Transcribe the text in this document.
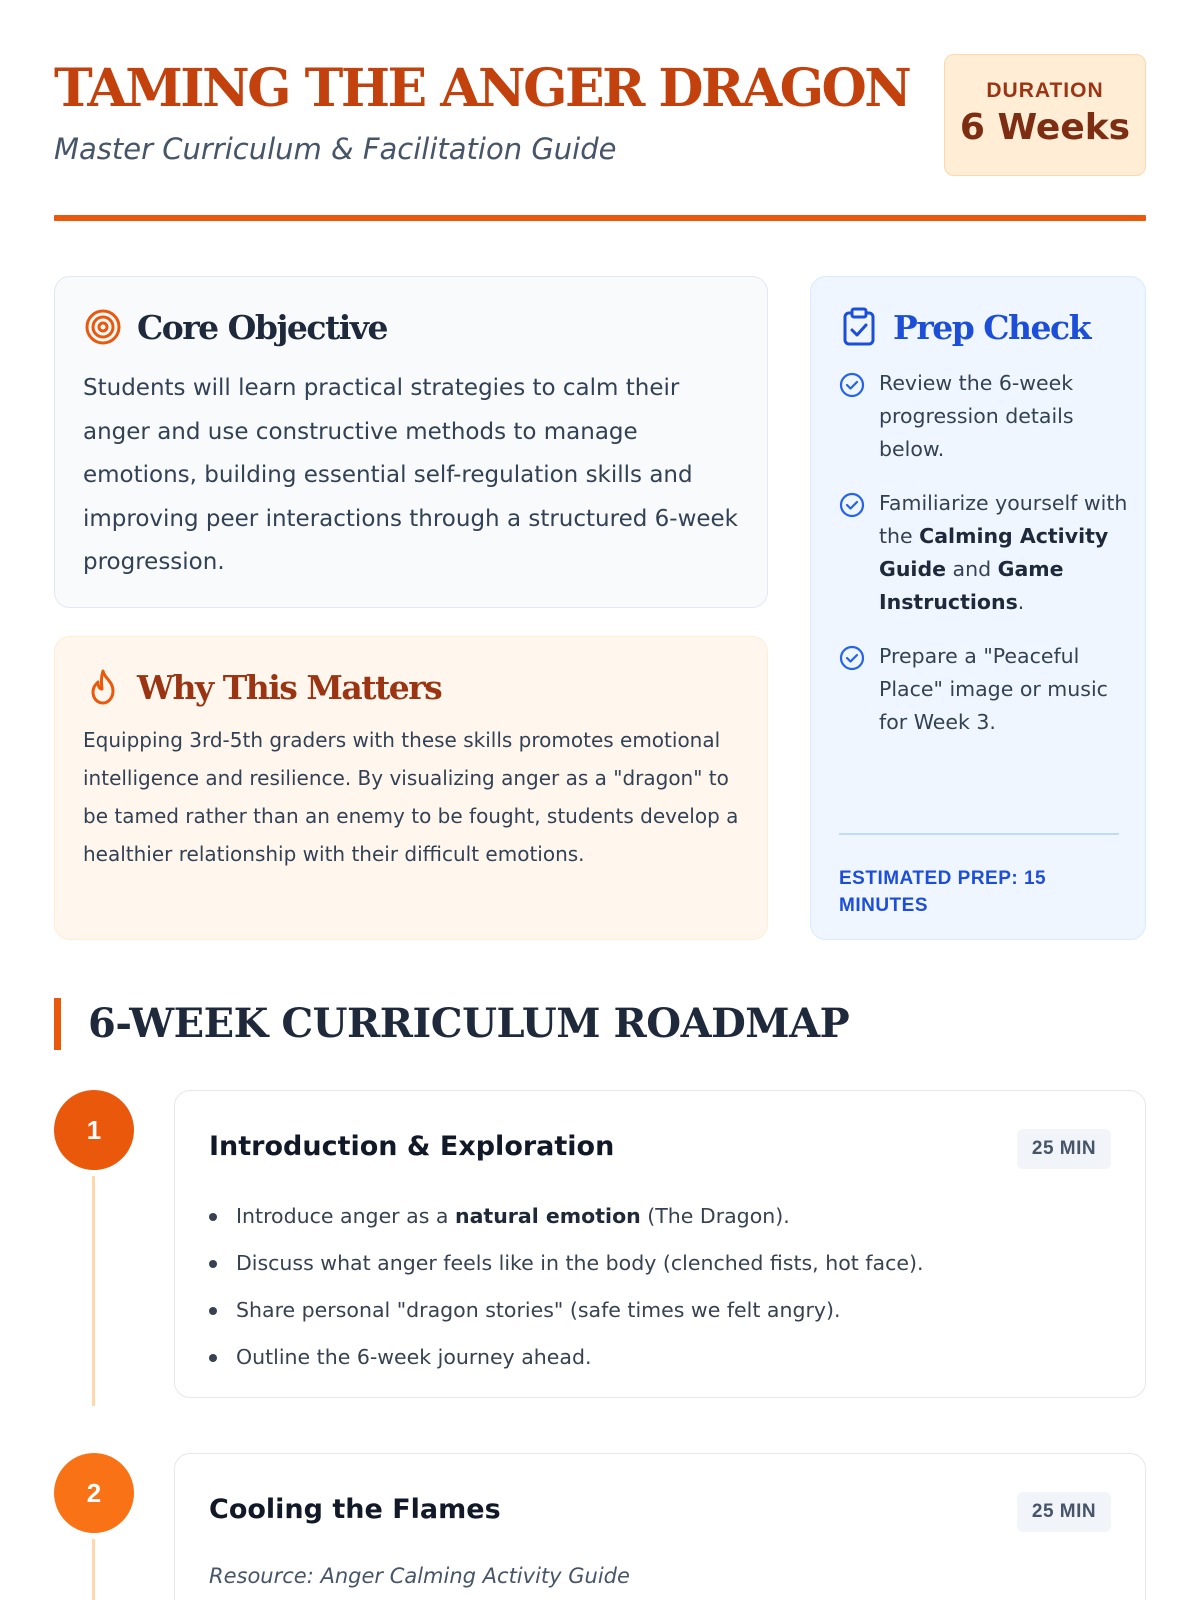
TAMING THE ANGER DRAGON
Master Curriculum & Facilitation Guide
DURATION
6 Weeks
Core Objective

Students will learn practical strategies to calm their anger and use constructive methods to manage emotions, building essential self-regulation skills and improving peer interactions through a structured 6-week progression.

Why This Matters

Equipping 3rd-5th graders with these skills promotes emotional intelligence and resilience. By visualizing anger as a "dragon" to be tamed rather than an enemy to be fought, students develop a healthier relationship with their difficult emotions.

Prep Check
Review the 6-week progression details below.
Familiarize yourself with the Calming Activity Guide and Game Instructions.
Prepare a "Peaceful Place" image or music for Week 3.
ESTIMATED PREP: 15 MINUTES
6-WEEK CURRICULUM ROADMAP
1
Introduction & Exploration	25 MIN
Introduce anger as a natural emotion (The Dragon).
Discuss what anger feels like in the body (clenched fists, hot face).
Share personal "dragon stories" (safe times we felt angry).
Outline the 6-week journey ahead.
2
Cooling the Flames	25 MIN
Resource: Anger Calming Activity Guide
